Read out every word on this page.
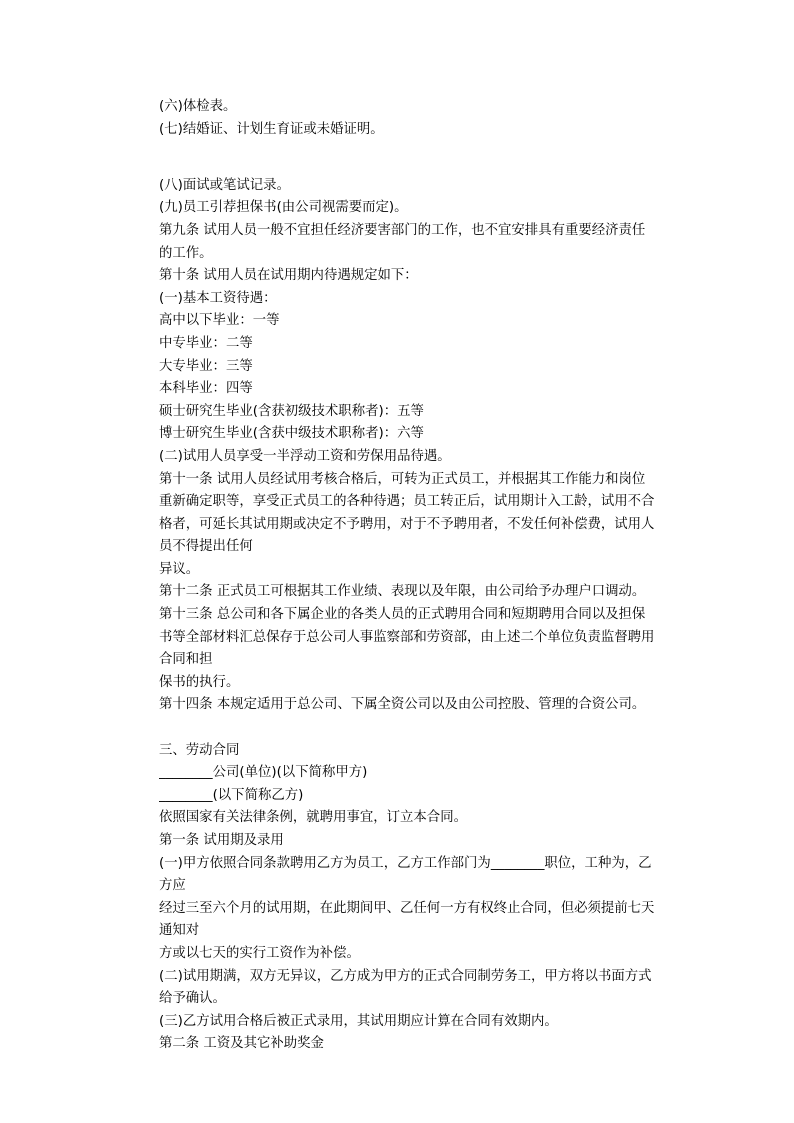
(六)体检表。
(七)结婚证、计划生育证或未婚证明。
(八)面试或笔试记录。
(九)员工引荐担保书(由公司视需要而定)。
第九条 试用人员一般不宜担任经济要害部门的工作，也不宜安排具有重要经济责任
的工作。
第十条 试用人员在试用期内待遇规定如下：
(一)基本工资待遇：
高中以下毕业：一等
中专毕业：二等
大专毕业：三等
本科毕业：四等
硕士研究生毕业(含获初级技术职称者)：五等
博士研究生毕业(含获中级技术职称者)：六等
(二)试用人员享受一半浮动工资和劳保用品待遇。
第十一条 试用人员经试用考核合格后，可转为正式员工，并根据其工作能力和岗位
重新确定职等，享受正式员工的各种待遇；员工转正后，试用期计入工龄，试用不合
格者，可延长其试用期或决定不予聘用，对于不予聘用者，不发任何补偿费，试用人
员不得提出任何
异议。
第十二条 正式员工可根据其工作业绩、表现以及年限，由公司给予办理户口调动。
第十三条 总公司和各下属企业的各类人员的正式聘用合同和短期聘用合同以及担保
书等全部材料汇总保存于总公司人事监察部和劳资部，由上述二个单位负责监督聘用
合同和担
保书的执行。
第十四条 本规定适用于总公司、下属全资公司以及由公司控股、管理的合资公司。
三、劳动合同
________公司(单位)(以下简称甲方)
________(以下简称乙方)
依照国家有关法律条例，就聘用事宜，订立本合同。
第一条 试用期及录用
(一)甲方依照合同条款聘用乙方为员工，乙方工作部门为________职位，工种为，乙
方应
经过三至六个月的试用期，在此期间甲、乙任何一方有权终止合同，但必须提前七天
通知对
方或以七天的实行工资作为补偿。
(二)试用期满，双方无异议，乙方成为甲方的正式合同制劳务工，甲方将以书面方式
给予确认。
(三)乙方试用合格后被正式录用，其试用期应计算在合同有效期内。
第二条 工资及其它补助奖金
